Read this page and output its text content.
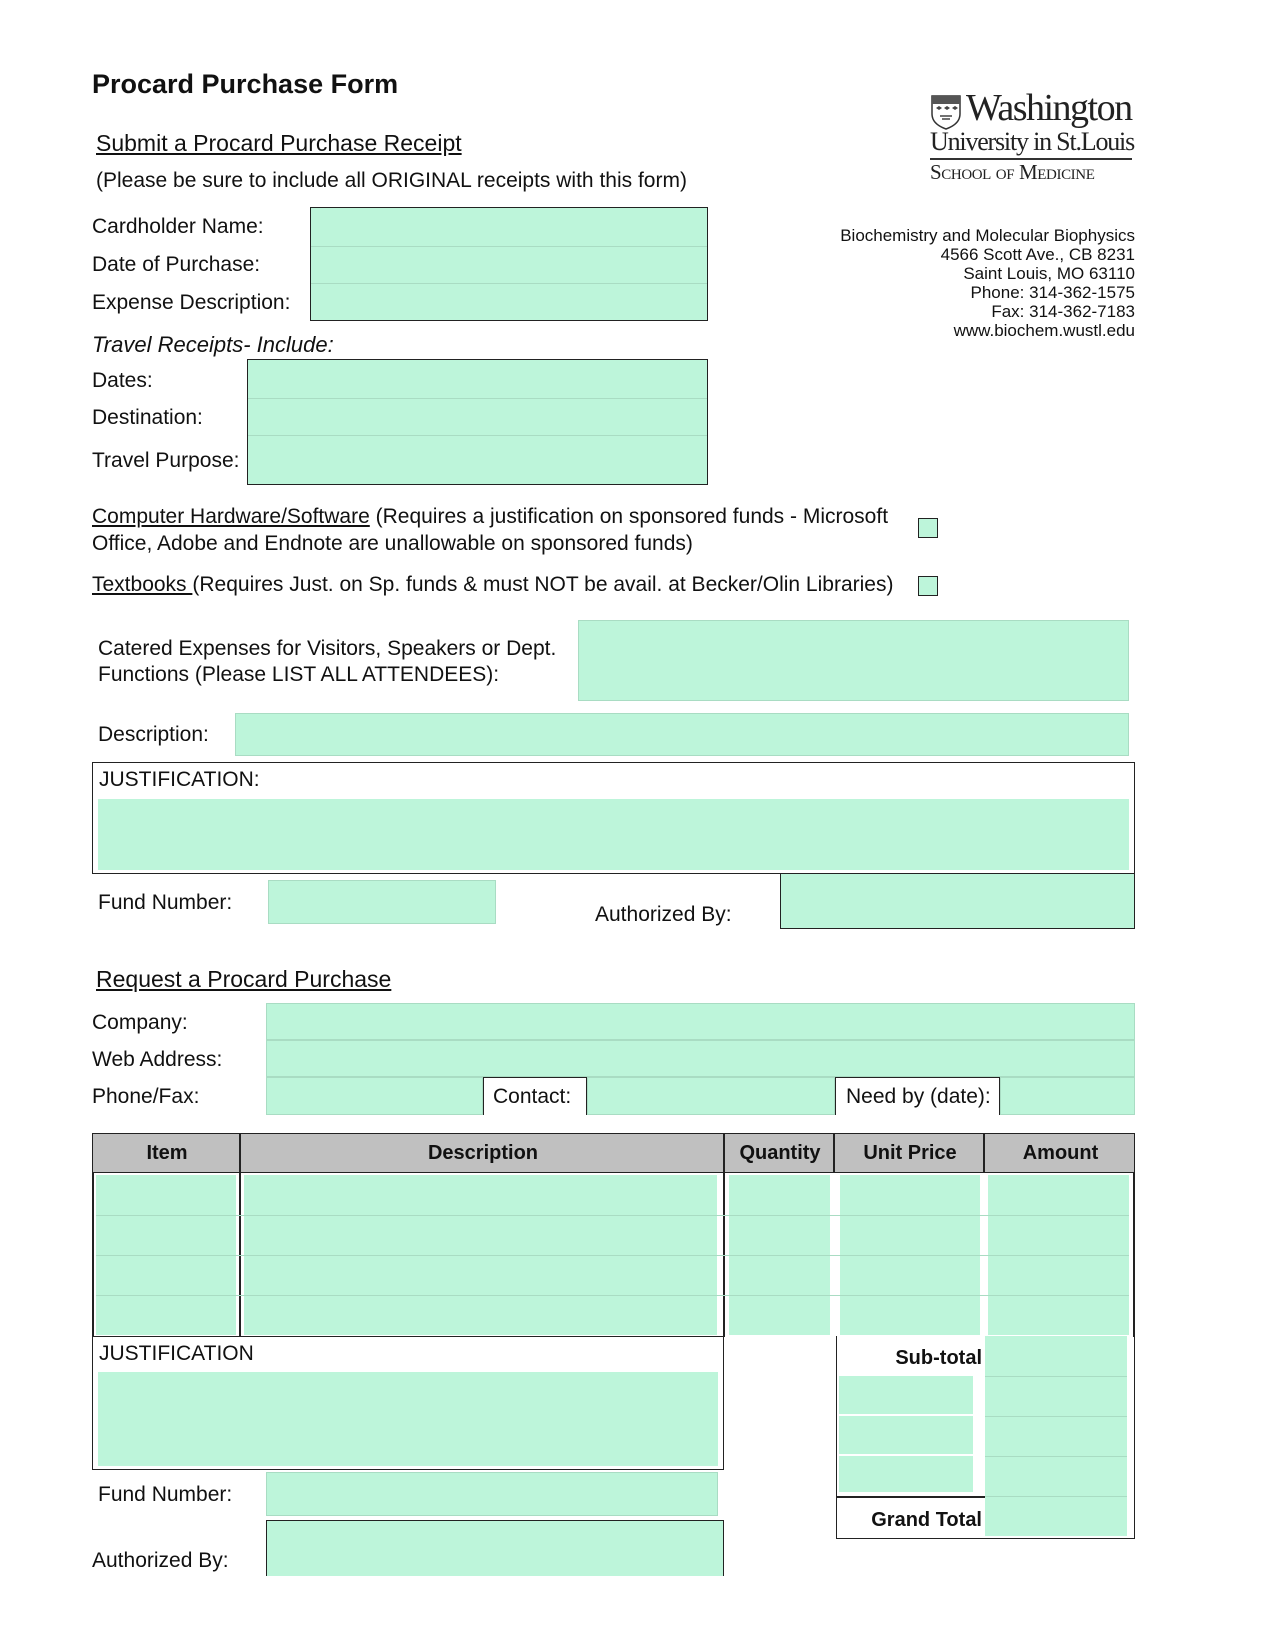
Procard Purchase Form
Washington
University in St.Louis
School of Medicine
Biochemistry and Molecular Biophysics
4566 Scott Ave., CB 8231
Saint Louis, MO 63110
Phone: 314-362-1575
Fax: 314-362-7183
www.biochem.wustl.edu
Submit a Procard Purchase Receipt
(Please be sure to include all ORIGINAL receipts with this form)
Cardholder Name:
Date of Purchase:
Expense Description:
Travel Receipts- Include:
Dates:
Destination:
Travel Purpose:
Computer Hardware/Software (Requires a justification on sponsored funds - Microsoft
Office, Adobe and Endnote are unallowable on sponsored funds)
Textbooks (Requires Just. on Sp. funds & must NOT be avail. at Becker/Olin Libraries)
Catered Expenses for Visitors, Speakers or Dept.
Functions (Please LIST ALL ATTENDEES):
Description:
JUSTIFICATION:
Fund Number:
Authorized By:
Request a Procard Purchase
Company:
Web Address:
Phone/Fax:	Contact:	Need by (date):
Item	Description	Quantity	Unit Price	Amount
JUSTIFICATION	Sub-total
Grand Total
Fund Number:
Authorized By:
